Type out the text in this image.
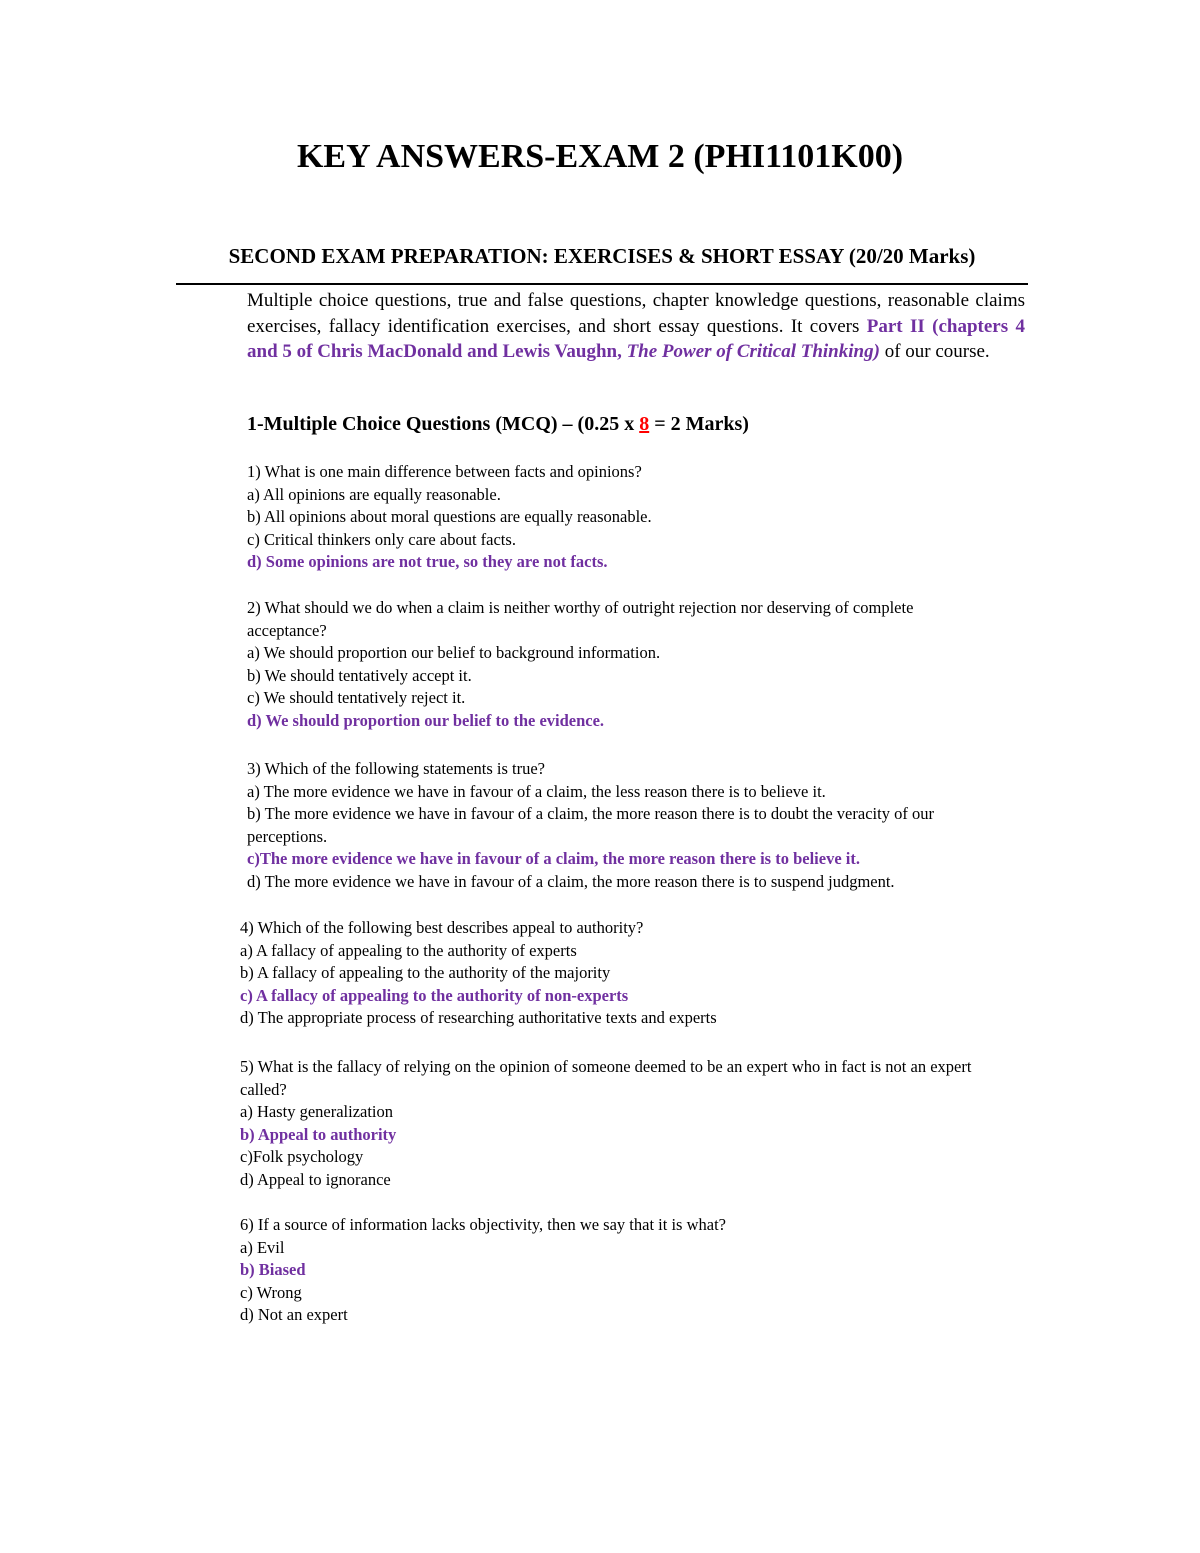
KEY ANSWERS-EXAM 2 (PHI1101K00)
SECOND EXAM PREPARATION: EXERCISES & SHORT ESSAY (20/20 Marks)
Multiple choice questions, true and false questions, chapter knowledge questions, reasonable claims exercises, fallacy identification exercises, and short essay questions. It covers Part II (chapters 4 and 5 of Chris MacDonald and Lewis Vaughn, The Power of Critical Thinking) of our course.
1-Multiple Choice Questions (MCQ) – (0.25 x 8 = 2 Marks)
1) What is one main difference between facts and opinions?
a) All opinions are equally reasonable.
b) All opinions about moral questions are equally reasonable.
c) Critical thinkers only care about facts.
d) Some opinions are not true, so they are not facts.
2) What should we do when a claim is neither worthy of outright rejection nor deserving of complete acceptance?
a) We should proportion our belief to background information.
b) We should tentatively accept it.
c) We should tentatively reject it.
d) We should proportion our belief to the evidence.
3) Which of the following statements is true?
a) The more evidence we have in favour of a claim, the less reason there is to believe it.
b) The more evidence we have in favour of a claim, the more reason there is to doubt the veracity of our perceptions.
c)The more evidence we have in favour of a claim, the more reason there is to believe it.
d) The more evidence we have in favour of a claim, the more reason there is to suspend judgment.
4) Which of the following best describes appeal to authority?
a) A fallacy of appealing to the authority of experts
b) A fallacy of appealing to the authority of the majority
c) A fallacy of appealing to the authority of non-experts
d) The appropriate process of researching authoritative texts and experts
5) What is the fallacy of relying on the opinion of someone deemed to be an expert who in fact is not an expert called?
a) Hasty generalization
b) Appeal to authority
c)Folk psychology
d) Appeal to ignorance
6) If a source of information lacks objectivity, then we say that it is what?
a) Evil
b) Biased
c) Wrong
d) Not an expert
